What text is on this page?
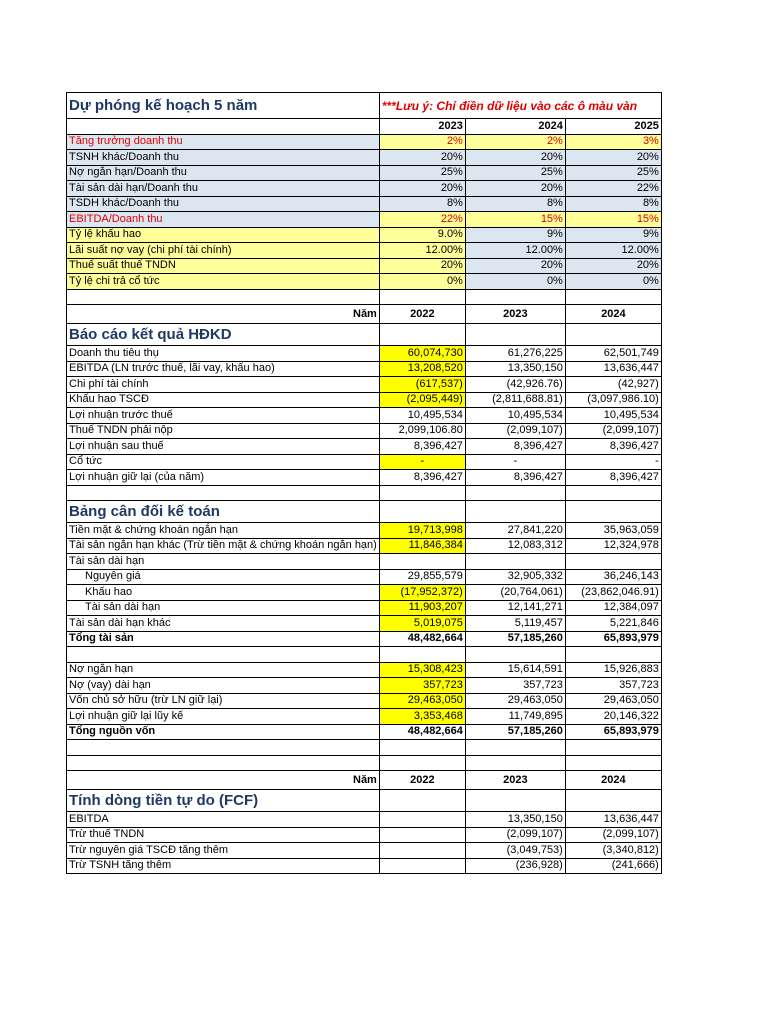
Dự phóng kế hoạch 5 năm	***Lưu ý: Chỉ điền dữ liệu vào các ô màu vàn		
	2023	2024	2025
Tăng trưởng doanh thu	2%	2%	3%
TSNH khác/Doanh thu	20%	20%	20%
Nợ ngắn hạn/Doanh thu	25%	25%	25%
Tài sản dài hạn/Doanh thu	20%	20%	22%
TSDH khác/Doanh thu	8%	8%	8%
EBITDA/Doanh thu	22%	15%	15%
Tỷ lệ khấu hao	9.0%	9%	9%
Lãi suất nợ vay (chi phí tài chính)	12.00%	12.00%	12.00%
Thuế suất thuế TNDN	20%	20%	20%
Tỷ lệ chi trả cổ tức	0%	0%	0%

Năm	2022	2023	2024
Báo cáo kết quả HĐKD			
Doanh thu tiêu thụ	60,074,730	61,276,225	62,501,749
EBITDA (LN trước thuế, lãi vay, khấu hao)	13,208,520	13,350,150	13,636,447
Chi phí tài chính	(617,537)	(42,926.76)	(42,927)
Khấu hao TSCĐ	(2,095,449)	(2,811,688.81)	(3,097,986.10)
Lợi nhuận trước thuế	10,495,534	10,495,534	10,495,534
Thuế TNDN phải nộp	2,099,106.80	(2,099,107)	(2,099,107)
Lợi nhuận sau thuế	8,396,427	8,396,427	8,396,427
Cổ tức	-	-	-
Lợi nhuận giữ lại (của năm)	8,396,427	8,396,427	8,396,427

Bảng cân đối kế toán			
Tiền mặt & chứng khoán ngắn hạn	19,713,998	27,841,220	35,963,059
Tài sản ngắn hạn khác (Trừ tiền mặt & chứng khoán ngắn hạn)	11,846,384	12,083,312	12,324,978
Tài sản dài hạn			
Nguyên giá	29,855,579	32,905,332	36,246,143
Khấu hao	(17,952,372)	(20,764,061)	(23,862,046.91)
Tài sản dài hạn	11,903,207	12,141,271	12,384,097
Tài sản dài hạn khác	5,019,075	5,119,457	5,221,846
Tổng tài sản	48,482,664	57,185,260	65,893,979

Nợ ngắn hạn	15,308,423	15,614,591	15,926,883
Nợ (vay) dài hạn	357,723	357,723	357,723
Vốn chủ sở hữu (trừ LN giữ lại)	29,463,050	29,463,050	29,463,050
Lợi nhuận giữ lại lũy kế	3,353,468	11,749,895	20,146,322
Tổng nguồn vốn	48,482,664	57,185,260	65,893,979

Năm	2022	2023	2024
Tính dòng tiền tự do (FCF)			
EBITDA		13,350,150	13,636,447
Trừ thuế TNDN		(2,099,107)	(2,099,107)
Trừ nguyên giá TSCĐ tăng thêm		(3,049,753)	(3,340,812)
Trừ TSNH tăng thêm		(236,928)	(241,666)
